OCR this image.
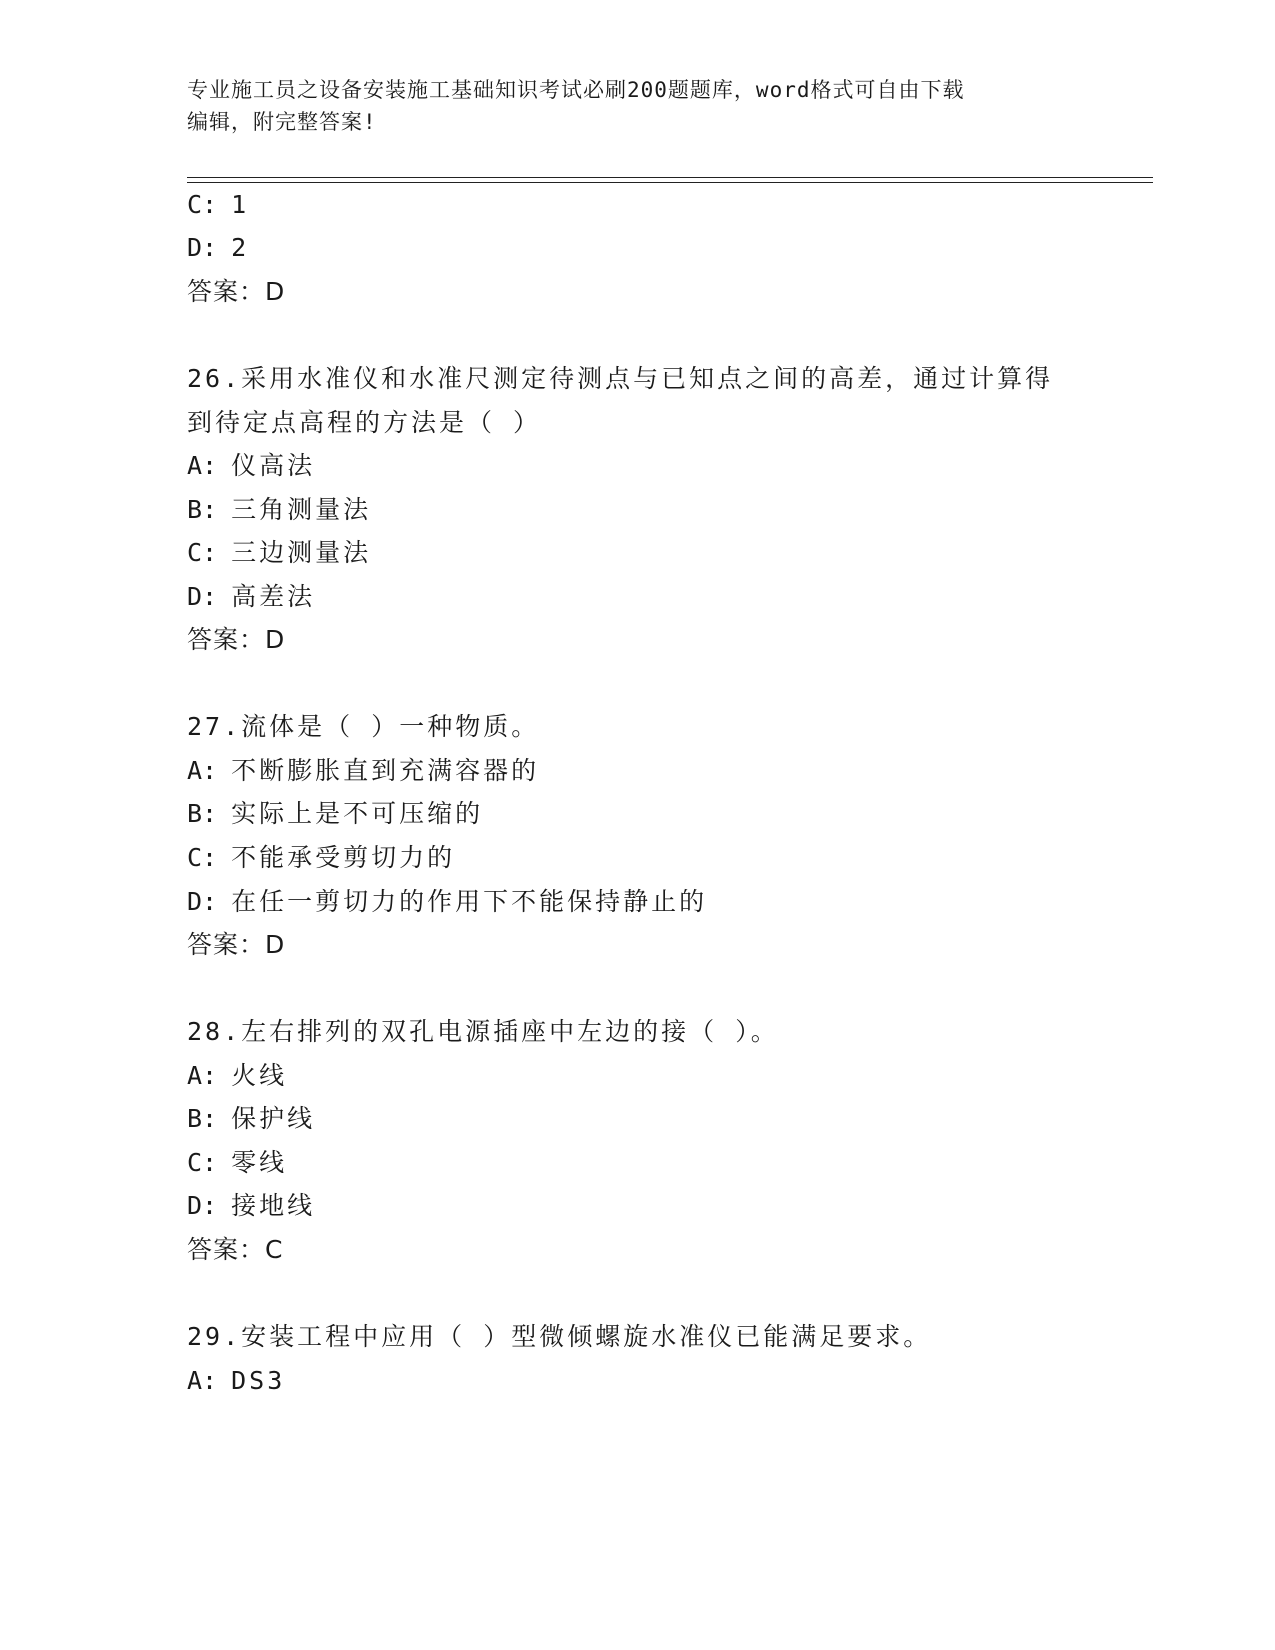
专业施工员之设备安装施工基础知识考试必刷200题题库，word格式可自由下载
编辑，附完整答案!
C: 1
D: 2
答案：D
26.采用水准仪和水准尺测定待测点与已知点之间的高差，通过计算得
到待定点高程的方法是（ ）
A: 仪高法
B: 三角测量法
C: 三边测量法
D: 高差法
答案：D
27.流体是（ ）一种物质。
A: 不断膨胀直到充满容器的
B: 实际上是不可压缩的
C: 不能承受剪切力的
D: 在任一剪切力的作用下不能保持静止的
答案：D
28.左右排列的双孔电源插座中左边的接（ ）。
A: 火线
B: 保护线
C: 零线
D: 接地线
答案：C
29.安装工程中应用（ ）型微倾螺旋水准仪已能满足要求。
A: DS3
